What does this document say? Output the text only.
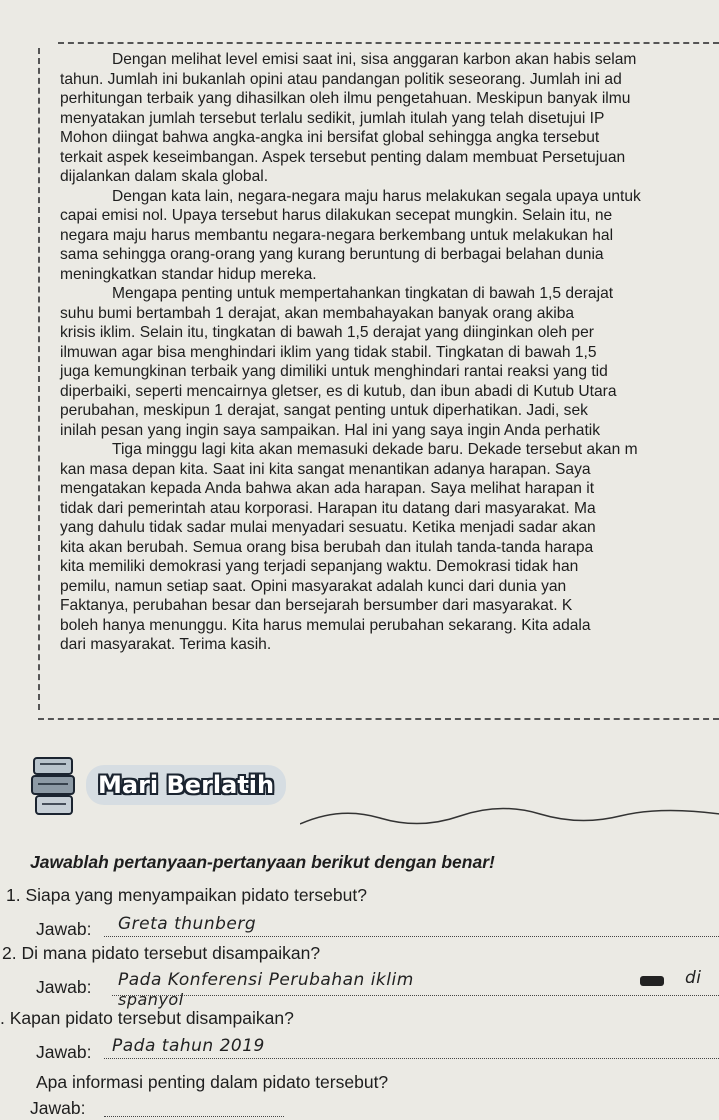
Dengan melihat level emisi saat ini, sisa anggaran karbon akan habis selam

tahun. Jumlah ini bukanlah opini atau pandangan politik seseorang. Jumlah ini ad

perhitungan terbaik yang dihasilkan oleh ilmu pengetahuan. Meskipun banyak ilmu

menyatakan jumlah tersebut terlalu sedikit, jumlah itulah yang telah disetujui IP

Mohon diingat bahwa angka-angka ini bersifat global sehingga angka tersebut

terkait aspek keseimbangan. Aspek tersebut penting dalam membuat Persetujuan

dijalankan dalam skala global.

Dengan kata lain, negara-negara maju harus melakukan segala upaya untuk

capai emisi nol. Upaya tersebut harus dilakukan secepat mungkin. Selain itu, ne

negara maju harus membantu negara-negara berkembang untuk melakukan hal

sama sehingga orang-orang yang kurang beruntung di berbagai belahan dunia

meningkatkan standar hidup mereka.

Mengapa penting untuk mempertahankan tingkatan di bawah 1,5 derajat

suhu bumi bertambah 1 derajat, akan membahayakan banyak orang akiba

krisis iklim. Selain itu, tingkatan di bawah 1,5 derajat yang diinginkan oleh per

ilmuwan agar bisa menghindari iklim yang tidak stabil. Tingkatan di bawah 1,5

juga kemungkinan terbaik yang dimiliki untuk menghindari rantai reaksi yang tid

diperbaiki, seperti mencairnya gletser, es di kutub, dan ibun abadi di Kutub Utara

perubahan, meskipun 1 derajat, sangat penting untuk diperhatikan. Jadi, sek

inilah pesan yang ingin saya sampaikan. Hal ini yang saya ingin Anda perhatik

Tiga minggu lagi kita akan memasuki dekade baru. Dekade tersebut akan m

kan masa depan kita. Saat ini kita sangat menantikan adanya harapan. Saya

mengatakan kepada Anda bahwa akan ada harapan. Saya melihat harapan it

tidak dari pemerintah atau korporasi. Harapan itu datang dari masyarakat. Ma

yang dahulu tidak sadar mulai menyadari sesuatu. Ketika menjadi sadar akan

kita akan berubah. Semua orang bisa berubah dan itulah tanda-tanda harapa

kita memiliki demokrasi yang terjadi sepanjang waktu. Demokrasi tidak han

pemilu, namun setiap saat. Opini masyarakat adalah kunci dari dunia yan

Faktanya, perubahan besar dan bersejarah bersumber dari masyarakat. K

boleh hanya menunggu. Kita harus memulai perubahan sekarang. Kita adala

dari masyarakat. Terima kasih.

Mari Berlatih
Jawablah pertanyaan-pertanyaan berikut dengan benar!
1. Siapa yang menyampaikan pidato tersebut?
Jawab: Greta thunberg
2. Di mana pidato tersebut disampaikan?
Jawab: Pada Konferensi Perubahan iklim	di
spanyol
. Kapan pidato tersebut disampaikan?
Jawab: Pada tahun 2019
Apa informasi penting dalam pidato tersebut?
Jawab:
